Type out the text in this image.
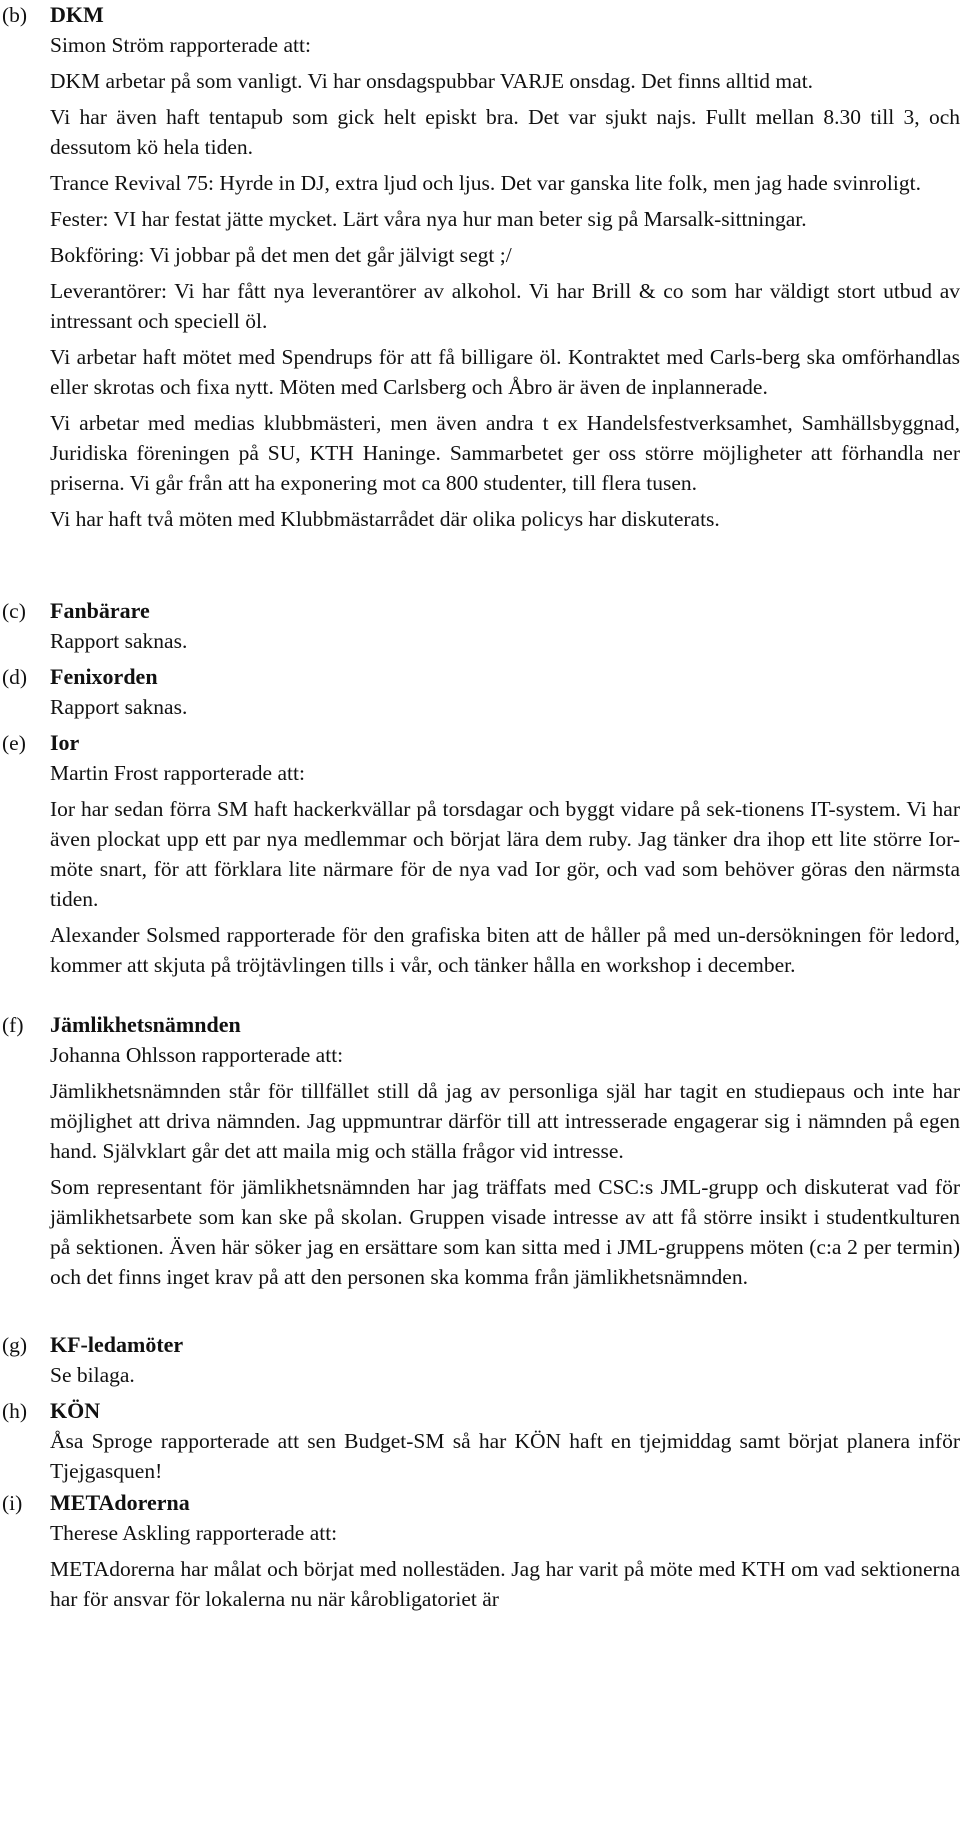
(b)	DKM

Simon Ström rapporterade att:

DKM arbetar på som vanligt. Vi har onsdagspubbar VARJE onsdag. Det finns alltid mat.

Vi har även haft tentapub som gick helt episkt bra. Det var sjukt najs. Fullt mellan 8.30 till 3, och dessutom kö hela tiden.

Trance Revival 75: Hyrde in DJ, extra ljud och ljus. Det var ganska lite folk, men jag hade svinroligt.

Fester: VI har festat jätte mycket. Lärt våra nya hur man beter sig på Marsalk-sittningar.

Bokföring: Vi jobbar på det men det går jälvigt segt ;/

Leverantörer: Vi har fått nya leverantörer av alkohol. Vi har Brill & co som har väldigt stort utbud av intressant och speciell öl.

Vi arbetar haft mötet med Spendrups för att få billigare öl. Kontraktet med Carls-berg ska omförhandlas eller skrotas och fixa nytt. Möten med Carlsberg och Åbro är även de inplannerade.

Vi arbetar med medias klubbmästeri, men även andra t ex Handelsfestverksamhet, Samhällsbyggnad, Juridiska föreningen på SU, KTH Haninge. Sammarbetet ger oss större möjligheter att förhandla ner priserna. Vi går från att ha exponering mot ca 800 studenter, till flera tusen.

Vi har haft två möten med Klubbmästarrådet där olika policys har diskuterats.

(c)	Fanbärare

Rapport saknas.

(d)	Fenixorden

Rapport saknas.

(e)	Ior

Martin Frost rapporterade att:

Ior har sedan förra SM haft hackerkvällar på torsdagar och byggt vidare på sek-tionens IT-system. Vi har även plockat upp ett par nya medlemmar och börjat lära dem ruby. Jag tänker dra ihop ett lite större Ior-möte snart, för att förklara lite närmare för de nya vad Ior gör, och vad som behöver göras den närmsta tiden.

Alexander Solsmed rapporterade för den grafiska biten att de håller på med un-dersökningen för ledord, kommer att skjuta på tröjtävlingen tills i vår, och tänker hålla en workshop i december.

(f)	Jämlikhetsnämnden

Johanna Ohlsson rapporterade att:

Jämlikhetsnämnden står för tillfället still då jag av personliga själ har tagit en studiepaus och inte har möjlighet att driva nämnden. Jag uppmuntrar därför till att intresserade engagerar sig i nämnden på egen hand. Självklart går det att maila mig och ställa frågor vid intresse.

Som representant för jämlikhetsnämnden har jag träffats med CSC:s JML-grupp och diskuterat vad för jämlikhetsarbete som kan ske på skolan. Gruppen visade intresse av att få större insikt i studentkulturen på sektionen. Även här söker jag en ersättare som kan sitta med i JML-gruppens möten (c:a 2 per termin) och det finns inget krav på att den personen ska komma från jämlikhetsnämnden.

(g)	KF-ledamöter

Se bilaga.

(h)	KÖN

Åsa Sproge rapporterade att sen Budget-SM så har KÖN haft en tjejmiddag samt börjat planera inför Tjejgasquen!

(i)	METAdorerna

Therese Askling rapporterade att:

METAdorerna har målat och börjat med nollestäden. Jag har varit på möte med KTH om vad sektionerna har för ansvar för lokalerna nu när kårobligatoriet är
